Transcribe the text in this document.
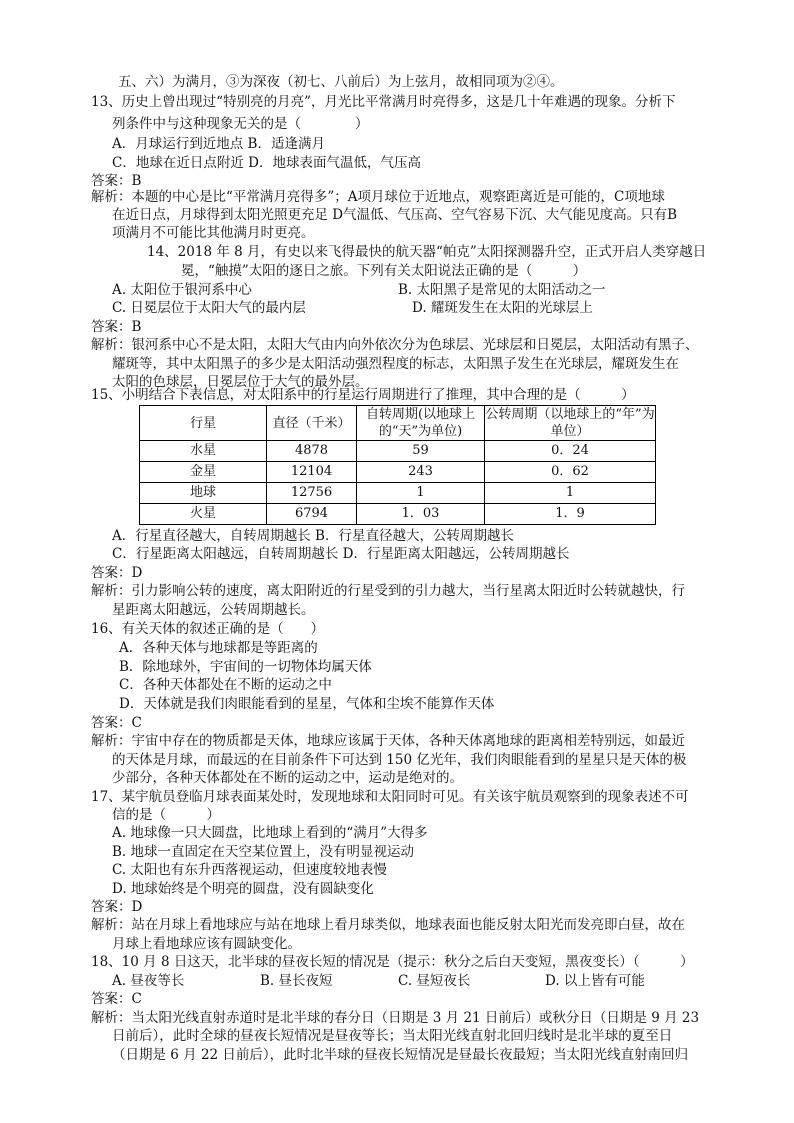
五、六）为满月，③为深夜（初七、八前后）为上弦月，故相同项为②④。
13、历史上曾出现过“特别亮的月亮”，月光比平常满月时亮得多，这是几十年难遇的现象。分析下
列条件中与这种现象无关的是（　　　　）
A．月球运行到近地点 B．适逢满月
C．地球在近日点附近 D．地球表面气温低，气压高
答案：B
解析：本题的中心是比“平常满月亮得多”；A项月球位于近地点，观察距离近是可能的，C项地球
在近日点，月球得到太阳光照更充足 D气温低、气压高、空气容易下沉、大气能见度高。只有B
项满月不可能比其他满月时更亮。
14、2018 年 8 月，有史以来飞得最快的航天器“帕克”太阳探测器升空，正式开启人类穿越日
冕，“触摸”太阳的逐日之旅。下列有关太阳说法正确的是（　　　）
A. 太阳位于银河系中心	B. 太阳黑子是常见的太阳活动之一
C. 日冕层位于太阳大气的最内层	D. 耀斑发生在太阳的光球层上
答案：B
解析：银河系中心不是太阳，太阳大气由内向外依次分为色球层、光球层和日冕层，太阳活动有黑子、
耀斑等，其中太阳黑子的多少是太阳活动强烈程度的标志，太阳黑子发生在光球层，耀斑发生在
太阳的色球层，日冕层位于大气的最外层。
15、小明结合下表信息，对太阳系中的行星运行周期进行了推理，其中合理的是（　　　）
A．行星直径越大，自转周期越长 B．行星直径越大，公转周期越长
C．行星距离太阳越远，自转周期越长 D．行星距离太阳越远，公转周期越长
答案：D
解析：引力影响公转的速度，离太阳附近的行星受到的引力越大，当行星离太阳近时公转就越快，行
星距离太阳越远，公转周期越长。
16、有关天体的叙述正确的是（　　）
A．各种天体与地球都是等距离的
B．除地球外，宇宙间的一切物体均属天体
C．各种天体都处在不断的运动之中
D．天体就是我们肉眼能看到的星星，气体和尘埃不能算作天体
答案：C
解析：宇宙中存在的物质都是天体，地球应该属于天体，各种天体离地球的距离相差特别远，如最近
的天体是月球，而最远的在目前条件下可达到 150 亿光年，我们肉眼能看到的星星只是天体的极
少部分，各种天体都处在不断的运动之中，运动是绝对的。
17、某宇航员登临月球表面某处时，发现地球和太阳同时可见。有关该宇航员观察到的现象表述不可
信的是（　　　）
A. 地球像一只大圆盘，比地球上看到的“满月”大得多
B. 地球一直固定在天空某位置上，没有明显视运动
C. 太阳也有东升西落视运动，但速度较地表慢
D. 地球始终是个明亮的圆盘，没有圆缺变化
答案：D
解析：站在月球上看地球应与站在地球上看月球类似，地球表面也能反射太阳光而发亮即白昼，故在
月球上看地球应该有圆缺变化。
18、10 月 8 日这天，北半球的昼夜长短的情况是（提示：秋分之后白天变短，黑夜变长）（　　　）
A. 昼夜等长	B. 昼长夜短	C. 昼短夜长	D. 以上皆有可能
答案：C
解析：当太阳光线直射赤道时是北半球的春分日（日期是 3 月 21 日前后）或秋分日（日期是 9 月 23
日前后），此时全球的昼夜长短情况是昼夜等长；当太阳光线直射北回归线时是北半球的夏至日
（日期是 6 月 22 日前后），此时北半球的昼夜长短情况是昼最长夜最短；当太阳光线直射南回归
行星	直径（千米）	自转周期(以地球上的“天”为单位)	公转周期（以地球上的“年”为单位）
水星	4878	59	0．24
金星	12104	243	0．62
地球	12756	1	1
火星	6794	1．03	1．9
